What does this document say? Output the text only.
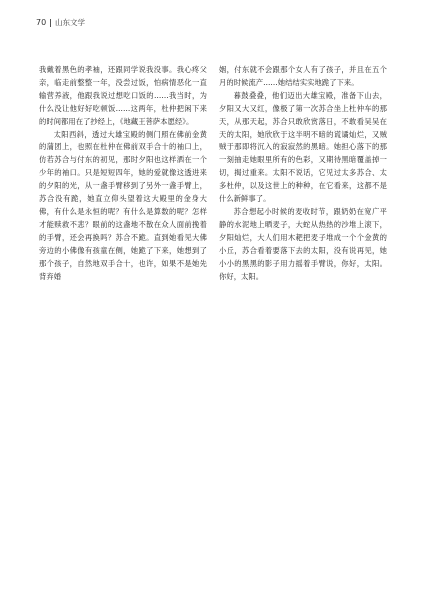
70 山东文学

我戴着黑色的孝袖，还跟同学说我没事。我心疼父亲，临走前整整一年，没尝过饭，怕病情恶化一直输营养液，他跟我说过想吃口饭的……我当时，为什么没让他好好吃顿饭……这两年，杜仲把闲下来的时间都用在了抄经上，《地藏王菩萨本愿经》。

太阳西斜，透过大雄宝殿的侧门照在佛前金黄的蒲团上，也照在杜仲在佛前双手合十的袖口上，仿若苏合与付东的初见，那时夕阳也这样洒在一个少年的袖口。只是短短四年，她的爱就像这透进来的夕阳的光，从一盏手臂移到了另外一盏手臂上，苏合没有跪，她直立仰头望着这大殿里的金身大佛，有什么是永恒的呢？有什么是算数的呢？怎样才能赎救不悲？眼前的这盏地不散在众人面前挽着的手臂，还会再换吗？苏合不跪。直到她看见大佛旁边的小佛像有孩童在侧，她跪了下来，她想到了那个孩子，自然地双手合十，也许，如果不是她先背弃婚

姻，付东就不会跟那个女人有了孩子，并且在五个月的时候流产……她结结实实地跪了下来。

暮鼓叠叠，他们迈出大雄宝殿，准备下山去，夕阳又大又红，像极了第一次苏合坐上杜仲车的那天，从那天起，苏合只敢欣赏落日，不敢看吴吴在天的太阳，她欣欣于这半明不暗的谎谲灿烂，又贼贼于那即将沉入的寂寂然的黑暗。她担心落下的那一刻抽走她眼里所有的色彩，又期待黑暗覆盖掉一切，揭过重来。太阳不说话，它见过太多苏合、太多杜仲，以及这世上的种种，在它看来，这都不是什么新鲜事了。

苏合想起小时候的麦收时节，跟奶奶在宽广平静的水泥地上晒麦子，大蛇从热热的沙堆上滚下，夕阳灿烂，大人们用木耙把麦子堆成一个个金黄的小丘，苏合看着要落下去的太阳，没有说再见，她小小的黑黑的影子用力摇着手臂说，你好，太阳。你好，太阳。
